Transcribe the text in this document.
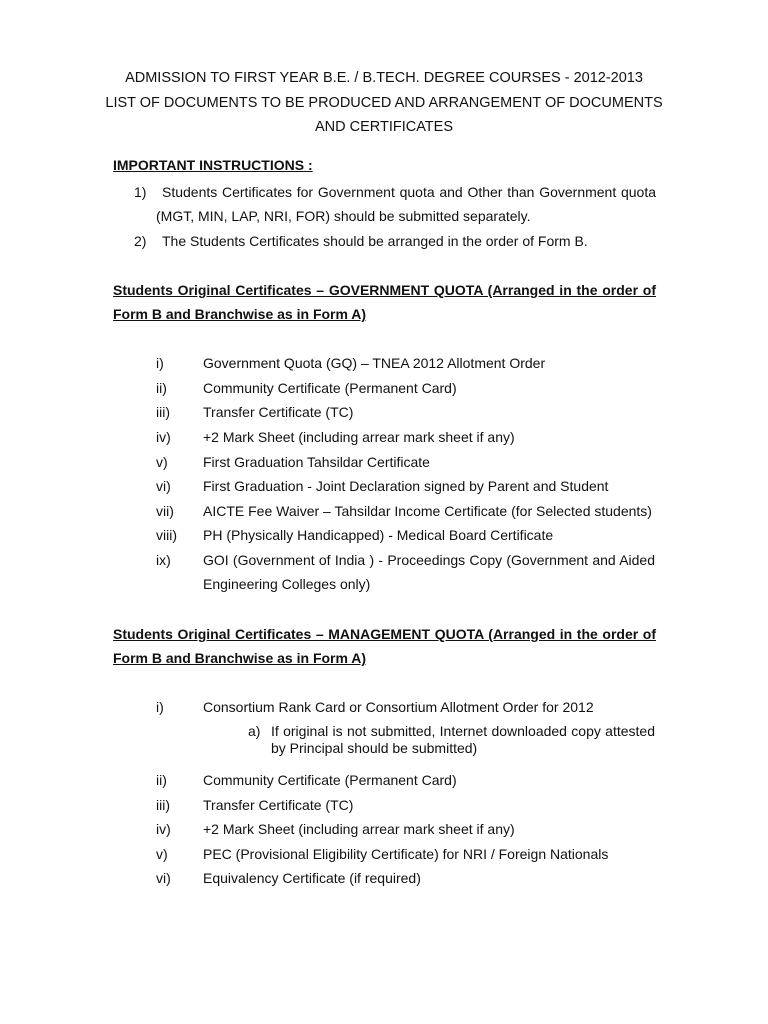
ADMISSION TO FIRST YEAR B.E. / B.TECH. DEGREE COURSES - 2012-2013
LIST OF DOCUMENTS TO BE PRODUCED AND ARRANGEMENT OF DOCUMENTS
AND CERTIFICATES
IMPORTANT INSTRUCTIONS :
1) Students Certificates for Government quota and Other than Government quota
(MGT, MIN, LAP, NRI, FOR) should be submitted separately.
2) The Students Certificates should be arranged in the order of Form B.
Students Original Certificates – GOVERNMENT QUOTA (Arranged in the order of
Form B and Branchwise as in Form A)
i)	Government Quota (GQ) – TNEA 2012 Allotment Order
ii)	Community Certificate (Permanent Card)
iii) Transfer Certificate (TC)
iv) +2 Mark Sheet (including arrear mark sheet if any)
v)	First Graduation Tahsildar Certificate
vi) First Graduation - Joint Declaration signed by Parent and Student
vii) AICTE Fee Waiver – Tahsildar Income Certificate (for Selected students)
viii) PH (Physically Handicapped) - Medical Board Certificate
ix) GOI (Government of India ) - Proceedings Copy (Government and Aided
Engineering Colleges only)
Students Original Certificates – MANAGEMENT QUOTA (Arranged in the order of
Form B and Branchwise as in Form A)
i)	Consortium Rank Card or Consortium Allotment Order for 2012
a) If original is not submitted, Internet downloaded copy attested
by Principal should be submitted)
ii)	Community Certificate (Permanent Card)
iii) Transfer Certificate (TC)
iv) +2 Mark Sheet (including arrear mark sheet if any)
v)	PEC (Provisional Eligibility Certificate) for NRI / Foreign Nationals
vi) Equivalency Certificate (if required)
